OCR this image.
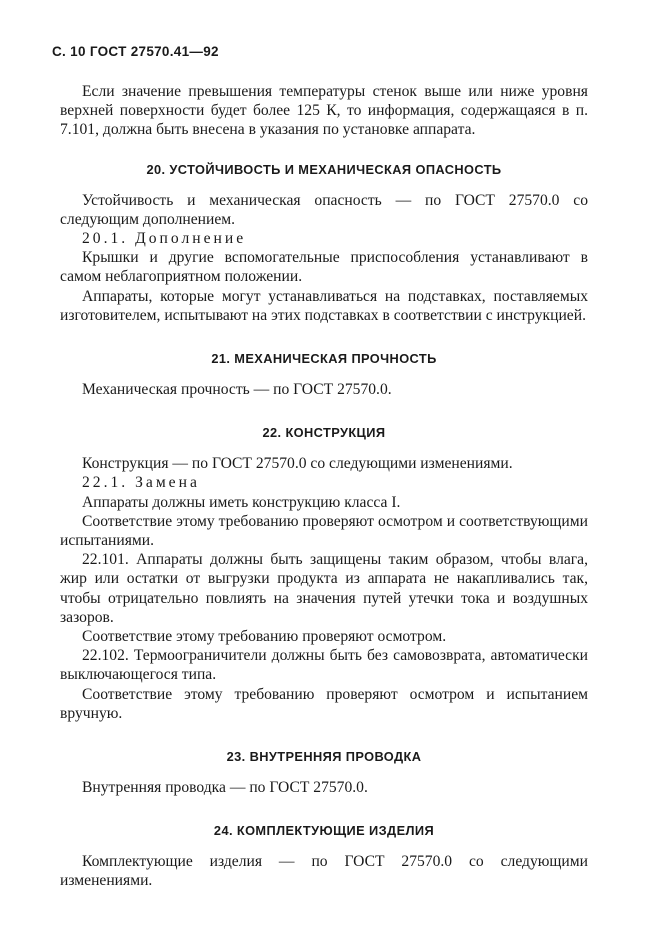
С. 10 ГОСТ 27570.41—92

Если значение превышения температуры стенок выше или ниже уровня верхней поверхности будет более 125 К, то информация, содержащаяся в п. 7.101, должна быть внесена в указания по установке аппарата.

20. УСТОЙЧИВОСТЬ И МЕХАНИЧЕСКАЯ ОПАСНОСТЬ

Устойчивость и механическая опасность — по ГОСТ 27570.0 со следующим дополнением.

20.1. Дополнение

Крышки и другие вспомогательные приспособления устанавливают в самом неблагоприятном положении.

Аппараты, которые могут устанавливаться на подставках, поставляемых изготовителем, испытывают на этих подставках в соответствии с инструкцией.

21. МЕХАНИЧЕСКАЯ ПРОЧНОСТЬ

Механическая прочность — по ГОСТ 27570.0.

22. КОНСТРУКЦИЯ

Конструкция — по ГОСТ 27570.0 со следующими изменениями.

22.1. Замена

Аппараты должны иметь конструкцию класса I.

Соответствие этому требованию проверяют осмотром и соответствующими испытаниями.

22.101. Аппараты должны быть защищены таким образом, чтобы влага, жир или остатки от выгрузки продукта из аппарата не накапливались так, чтобы отрицательно повлиять на значения путей утечки тока и воздушных зазоров.

Соответствие этому требованию проверяют осмотром.

22.102. Термоограничители должны быть без самовозврата, автоматически выключающегося типа.

Соответствие этому требованию проверяют осмотром и испытанием вручную.

23. ВНУТРЕННЯЯ ПРОВОДКА

Внутренняя проводка — по ГОСТ 27570.0.

24. КОМПЛЕКТУЮЩИЕ ИЗДЕЛИЯ

Комплектующие изделия — по ГОСТ 27570.0 со следующими изменениями.
